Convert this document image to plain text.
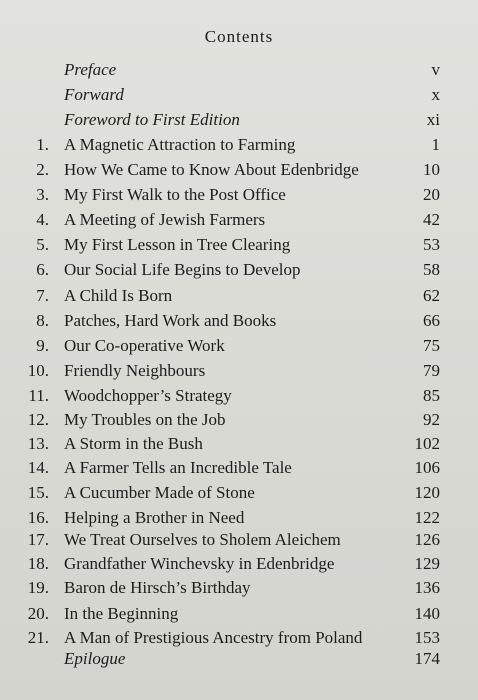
Contents
Preface	v
Forward	x
Foreword to First Edition	xi
1. A Magnetic Attraction to Farming	1
2. How We Came to Know About Edenbridge	10
3. My First Walk to the Post Office	20
4. A Meeting of Jewish Farmers	42
5. My First Lesson in Tree Clearing	53
6. Our Social Life Begins to Develop	58
7. A Child Is Born	62
8. Patches, Hard Work and Books	66
9. Our Co-operative Work	75
10. Friendly Neighbours	79
11. Woodchopper’s Strategy	85
12. My Troubles on the Job	92
13. A Storm in the Bush	102
14. A Farmer Tells an Incredible Tale	106
15. A Cucumber Made of Stone	120
16. Helping a Brother in Need	122
17. We Treat Ourselves to Sholem Aleichem	126
18. Grandfather Winchevsky in Edenbridge	129
19. Baron de Hirsch’s Birthday	136
20. In the Beginning	140
21. A Man of Prestigious Ancestry from Poland	153
Epilogue	174
